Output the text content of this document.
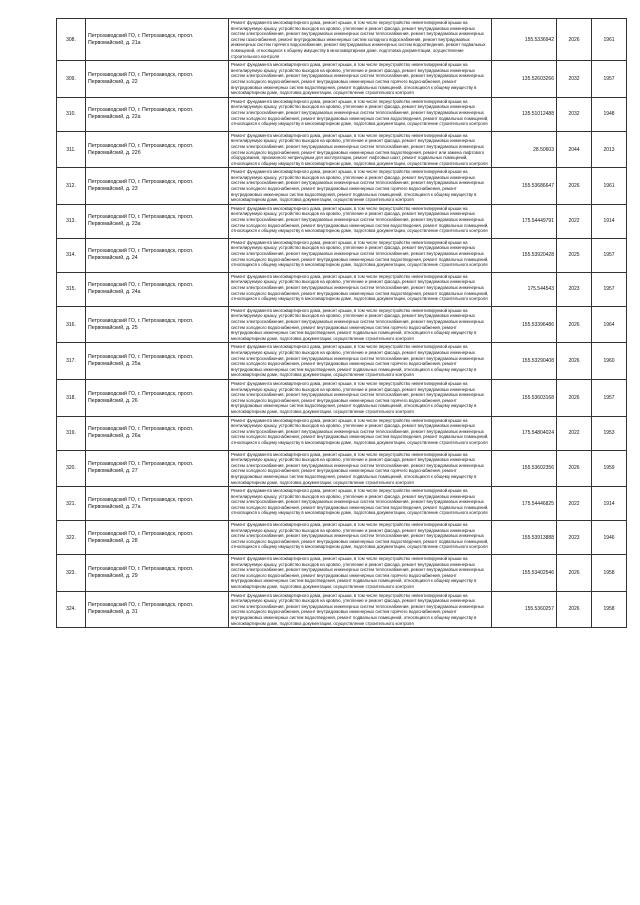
308.	Петрозаводский ГО, г. Петрозаводск, просп. Первомайский, д. 21а	Ремонт фундамента многоквартирного дома, ремонт крыши, в том числе переустройство невентилируемой крыши на вентилируемую крышу, устройство выходов на кровлю, утепление и ремонт фасада, ремонт внутридомовых инженерных систем электроснабжения, ремонт внутридомовых инженерных систем теплоснабжения, ремонт внутридомовых инженерных систем газоснабжения, ремонт внутридомовых инженерных систем холодного водоснабжения, ремонт внутридомовых инженерных систем горячего водоснабжения, ремонт внутридомовых инженерных систем водоотведения, ремонт подвальных помещений, относящихся к общему имуществу в многоквартирном доме, подготовка документации, осуществление строительного контроля	155.5336942	2026	1961
309.	Петрозаводский ГО, г. Петрозаводск, просп. Первомайский, д. 22	Ремонт фундамента многоквартирного дома, ремонт крыши, в том числе переустройство невентилируемой крыши на вентилируемую крышу, устройство выходов на кровлю, утепление и ремонт фасада, ремонт внутридомовых инженерных систем электроснабжения, ремонт внутридомовых инженерных систем теплоснабжения, ремонт внутридомовых инженерных систем холодного водоснабжения, ремонт внутридомовых инженерных систем горячего водоснабжения, ремонт внутридомовых инженерных систем водоотведения, ремонт подвальных помещений, относящихся к общему имуществу в многоквартирном доме, подготовка документации, осуществление строительного контроля	135.52603266	2032	1957
310.	Петрозаводский ГО, г. Петрозаводск, просп. Первомайский, д. 22а	Ремонт фундамента многоквартирного дома, ремонт крыши, в том числе переустройство невентилируемой крыши на вентилируемую крышу, устройство выходов на кровлю, утепление и ремонт фасада, ремонт внутридомовых инженерных систем электроснабжения, ремонт внутридомовых инженерных систем теплоснабжения, ремонт внутридомовых инженерных систем холодного водоснабжения, ремонт внутридомовых инженерных систем водоотведения, ремонт подвальных помещений, относящихся к общему имуществу в многоквартирном доме, подготовка документации, осуществление строительного контроля	135.51012488	2032	1948
311.	Петрозаводский ГО, г. Петрозаводск, просп. Первомайский, д. 22б	Ремонт фундамента многоквартирного дома, ремонт крыши, в том числе переустройство невентилируемой крыши на вентилируемую крышу, устройство выходов на кровлю, утепление и ремонт фасада, ремонт внутридомовых инженерных систем электроснабжения, ремонт внутридомовых инженерных систем теплоснабжения, ремонт внутридомовых инженерных систем холодного водоснабжения, ремонт внутридомовых инженерных систем водоотведения, ремонт или замена лифтового оборудования, признанного непригодным для эксплуатации, ремонт лифтовых шахт, ремонт подвальных помещений, относящихся к общему имуществу в многоквартирном доме, подготовка документации, осуществление строительного контроля	28.50603	2044	2013
312.	Петрозаводский ГО, г. Петрозаводск, просп. Первомайский, д. 23	Ремонт фундамента многоквартирного дома, ремонт крыши, в том числе переустройство невентилируемой крыши на вентилируемую крышу, устройство выходов на кровлю, утепление и ремонт фасада, ремонт внутридомовых инженерных систем электроснабжения, ремонт внутридомовых инженерных систем теплоснабжения, ремонт внутридомовых инженерных систем холодного водоснабжения, ремонт внутридомовых инженерных систем горячего водоснабжения, ремонт внутридомовых инженерных систем водоотведения, ремонт подвальных помещений, относящихся к общему имуществу в многоквартирном доме, подготовка документации, осуществление строительного контроля	155.53686647	2026	1961
313.	Петрозаводский ГО, г. Петрозаводск, просп. Первомайский, д. 23а	Ремонт фундамента многоквартирного дома, ремонт крыши, в том числе переустройство невентилируемой крыши на вентилируемую крышу, устройство выходов на кровлю, утепление и ремонт фасада, ремонт внутридомовых инженерных систем электроснабжения, ремонт внутридомовых инженерных систем теплоснабжения, ремонт внутридомовых инженерных систем холодного водоснабжения, ремонт внутридомовых инженерных систем водоотведения, ремонт подвальных помещений, относящихся к общему имуществу в многоквартирном доме, подготовка документации, осуществление строительного контроля	175.54449791	2022	1914
314.	Петрозаводский ГО, г. Петрозаводск, просп. Первомайский, д. 24	Ремонт фундамента многоквартирного дома, ремонт крыши, в том числе переустройство невентилируемой крыши на вентилируемую крышу, устройство выходов на кровлю, утепление и ремонт фасада, ремонт внутридомовых инженерных систем электроснабжения, ремонт внутридомовых инженерных систем теплоснабжения, ремонт внутридомовых инженерных систем холодного водоснабжения, ремонт внутридомовых инженерных систем водоотведения, ремонт подвальных помещений, относящихся к общему имуществу в многоквартирном доме, подготовка документации, осуществление строительного контроля	155.53920428	2025	1957
315.	Петрозаводский ГО, г. Петрозаводск, просп. Первомайский, д. 24а	Ремонт фундамента многоквартирного дома, ремонт крыши, в том числе переустройство невентилируемой крыши на вентилируемую крышу, устройство выходов на кровлю, утепление и ремонт фасада, ремонт внутридомовых инженерных систем электроснабжения, ремонт внутридомовых инженерных систем теплоснабжения, ремонт внутридомовых инженерных систем холодного водоснабжения, ремонт внутридомовых инженерных систем водоотведения, ремонт подвальных помещений, относящихся к общему имуществу в многоквартирном доме, подготовка документации, осуществление строительного контроля	175.544543	2023	1957
316.	Петрозаводский ГО, г. Петрозаводск, просп. Первомайский, д. 25	Ремонт фундамента многоквартирного дома, ремонт крыши, в том числе переустройство невентилируемой крыши на вентилируемую крышу, устройство выходов на кровлю, утепление и ремонт фасада, ремонт внутридомовых инженерных систем электроснабжения, ремонт внутридомовых инженерных систем теплоснабжения, ремонт внутридомовых инженерных систем холодного водоснабжения, ремонт внутридомовых инженерных систем горячего водоснабжения, ремонт внутридомовых инженерных систем водоотведения, ремонт подвальных помещений, относящихся к общему имуществу в многоквартирном доме, подготовка документации, осуществление строительного контроля	155.53396486	2026	1964
317.	Петрозаводский ГО, г. Петрозаводск, просп. Первомайский, д. 25а	Ремонт фундамента многоквартирного дома, ремонт крыши, в том числе переустройство невентилируемой крыши на вентилируемую крышу, устройство выходов на кровлю, утепление и ремонт фасада, ремонт внутридомовых инженерных систем электроснабжения, ремонт внутридомовых инженерных систем теплоснабжения, ремонт внутридомовых инженерных систем холодного водоснабжения, ремонт внутридомовых инженерных систем горячего водоснабжения, ремонт внутридомовых инженерных систем водоотведения, ремонт подвальных помещений, относящихся к общему имуществу в многоквартирном доме, подготовка документации, осуществление строительного контроля	155.53290408	2026	1960
318.	Петрозаводский ГО, г. Петрозаводск, просп. Первомайский, д. 26	Ремонт фундамента многоквартирного дома, ремонт крыши, в том числе переустройство невентилируемой крыши на вентилируемую крышу, устройство выходов на кровлю, утепление и ремонт фасада, ремонт внутридомовых инженерных систем электроснабжения, ремонт внутридомовых инженерных систем теплоснабжения, ремонт внутридомовых инженерных систем холодного водоснабжения, ремонт внутридомовых инженерных систем горячего водоснабжения, ремонт внутридомовых инженерных систем водоотведения, ремонт подвальных помещений, относящихся к общему имуществу в многоквартирном доме, подготовка документации, осуществление строительного контроля	155.53603168	2026	1957
319.	Петрозаводский ГО, г. Петрозаводск, просп. Первомайский, д. 26а	Ремонт фундамента многоквартирного дома, ремонт крыши, в том числе переустройство невентилируемой крыши на вентилируемую крышу, устройство выходов на кровлю, утепление и ремонт фасада, ремонт внутридомовых инженерных систем электроснабжения, ремонт внутридомовых инженерных систем теплоснабжения, ремонт внутридомовых инженерных систем холодного водоснабжения, ремонт внутридомовых инженерных систем водоотведения, ремонт подвальных помещений, относящихся к общему имуществу в многоквартирном доме, подготовка документации, осуществление строительного контроля	175.54804024	2022	1953
320.	Петрозаводский ГО, г. Петрозаводск, просп. Первомайский, д. 27	Ремонт фундамента многоквартирного дома, ремонт крыши, в том числе переустройство невентилируемой крыши на вентилируемую крышу, устройство выходов на кровлю, утепление и ремонт фасада, ремонт внутридомовых инженерных систем электроснабжения, ремонт внутридомовых инженерных систем теплоснабжения, ремонт внутридомовых инженерных систем холодного водоснабжения, ремонт внутридомовых инженерных систем горячего водоснабжения, ремонт внутридомовых инженерных систем водоотведения, ремонт подвальных помещений, относящихся к общему имуществу в многоквартирном доме, подготовка документации, осуществление строительного контроля	155.53602356	2026	1959
321.	Петрозаводский ГО, г. Петрозаводск, просп. Первомайский, д. 27а	Ремонт фундамента многоквартирного дома, ремонт крыши, в том числе переустройство невентилируемой крыши на вентилируемую крышу, устройство выходов на кровлю, утепление и ремонт фасада, ремонт внутридомовых инженерных систем электроснабжения, ремонт внутридомовых инженерных систем теплоснабжения, ремонт внутридомовых инженерных систем холодного водоснабжения, ремонт внутридомовых инженерных систем водоотведения, ремонт подвальных помещений, относящихся к общему имуществу в многоквартирном доме, подготовка документации, осуществление строительного контроля	175.54446825	2022	1914
322.	Петрозаводский ГО, г. Петрозаводск, просп. Первомайский, д. 28	Ремонт фундамента многоквартирного дома, ремонт крыши, в том числе переустройство невентилируемой крыши на вентилируемую крышу, устройство выходов на кровлю, утепление и ремонт фасада, ремонт внутридомовых инженерных систем электроснабжения, ремонт внутридомовых инженерных систем теплоснабжения, ремонт внутридомовых инженерных систем холодного водоснабжения, ремонт внутридомовых инженерных систем водоотведения, ремонт подвальных помещений, относящихся к общему имуществу в многоквартирном доме, подготовка документации, осуществление строительного контроля	155.53913888	2023	1946
323.	Петрозаводский ГО, г. Петрозаводск, просп. Первомайский, д. 29	Ремонт фундамента многоквартирного дома, ремонт крыши, в том числе переустройство невентилируемой крыши на вентилируемую крышу, устройство выходов на кровлю, утепление и ремонт фасада, ремонт внутридомовых инженерных систем электроснабжения, ремонт внутридомовых инженерных систем теплоснабжения, ремонт внутридомовых инженерных систем холодного водоснабжения, ремонт внутридомовых инженерных систем горячего водоснабжения, ремонт внутридомовых инженерных систем водоотведения, ремонт подвальных помещений, относящихся к общему имуществу в многоквартирном доме, подготовка документации, осуществление строительного контроля	155.53402546	2026	1958
324.	Петрозаводский ГО, г. Петрозаводск, просп. Первомайский, д. 31	Ремонт фундамента многоквартирного дома, ремонт крыши, в том числе переустройство невентилируемой крыши на вентилируемую крышу, устройство выходов на кровлю, утепление и ремонт фасада, ремонт внутридомовых инженерных систем электроснабжения, ремонт внутридомовых инженерных систем теплоснабжения, ремонт внутридомовых инженерных систем холодного водоснабжения, ремонт внутридомовых инженерных систем горячего водоснабжения, ремонт внутридомовых инженерных систем водоотведения, ремонт подвальных помещений, относящихся к общему имуществу в многоквартирном доме, подготовка документации, осуществление строительного контроля	155.5360257	2026	1958
